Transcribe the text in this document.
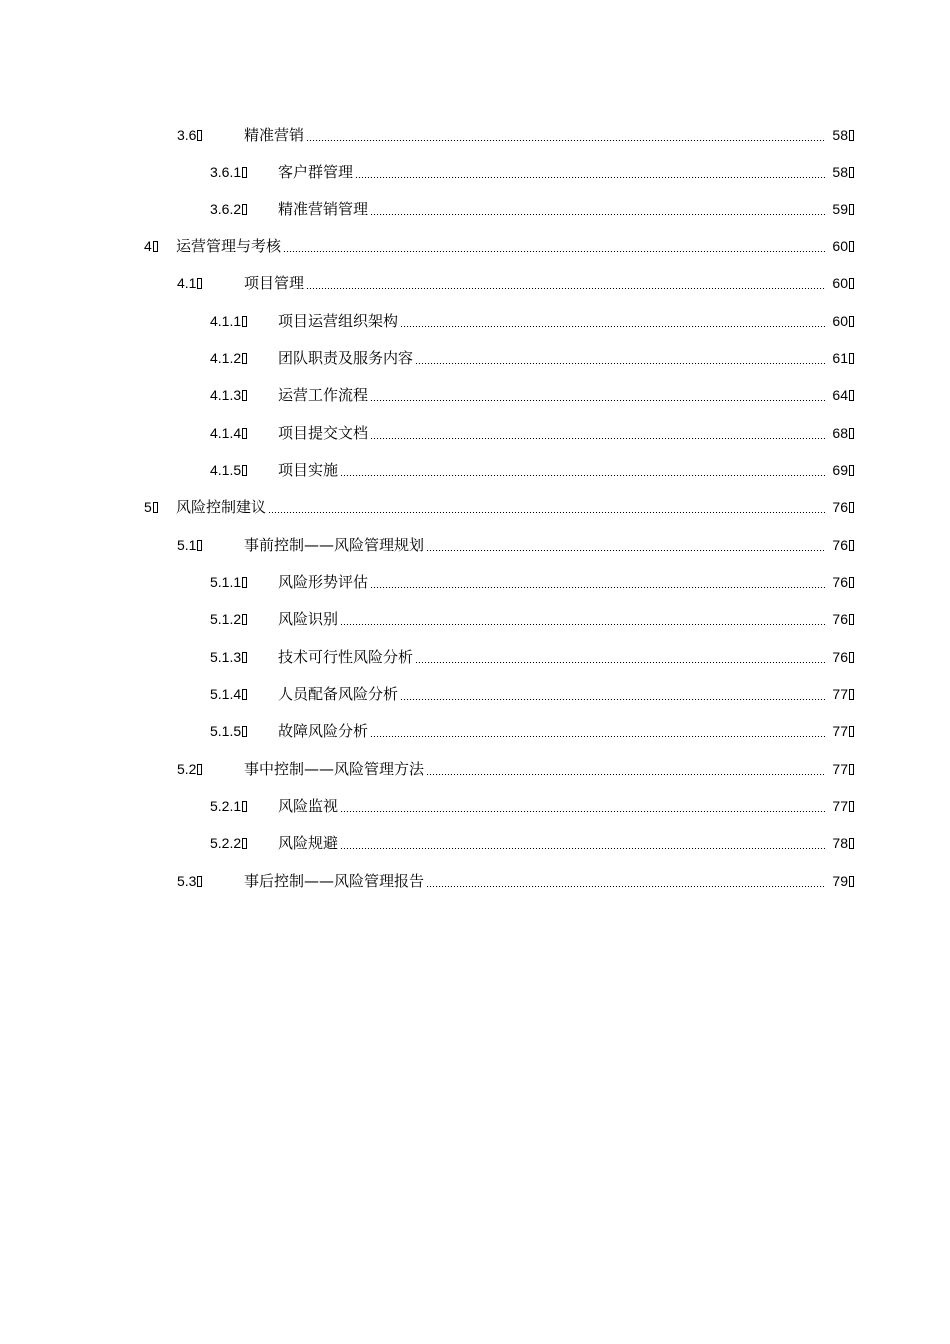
3.6	精准营销	58
3.6.1	客户群管理	58
3.6.2	精准营销管理	59
4	运营管理与考核	60
4.1	项目管理	60
4.1.1	项目运营组织架构	60
4.1.2	团队职责及服务内容	61
4.1.3	运营工作流程	64
4.1.4	项目提交文档	68
4.1.5	项目实施	69
5	风险控制建议	76
5.1	事前控制——风险管理规划	76
5.1.1	风险形势评估	76
5.1.2	风险识别	76
5.1.3	技术可行性风险分析	76
5.1.4	人员配备风险分析	77
5.1.5	故障风险分析	77
5.2	事中控制——风险管理方法	77
5.2.1	风险监视	77
5.2.2	风险规避	78
5.3	事后控制——风险管理报告	79
